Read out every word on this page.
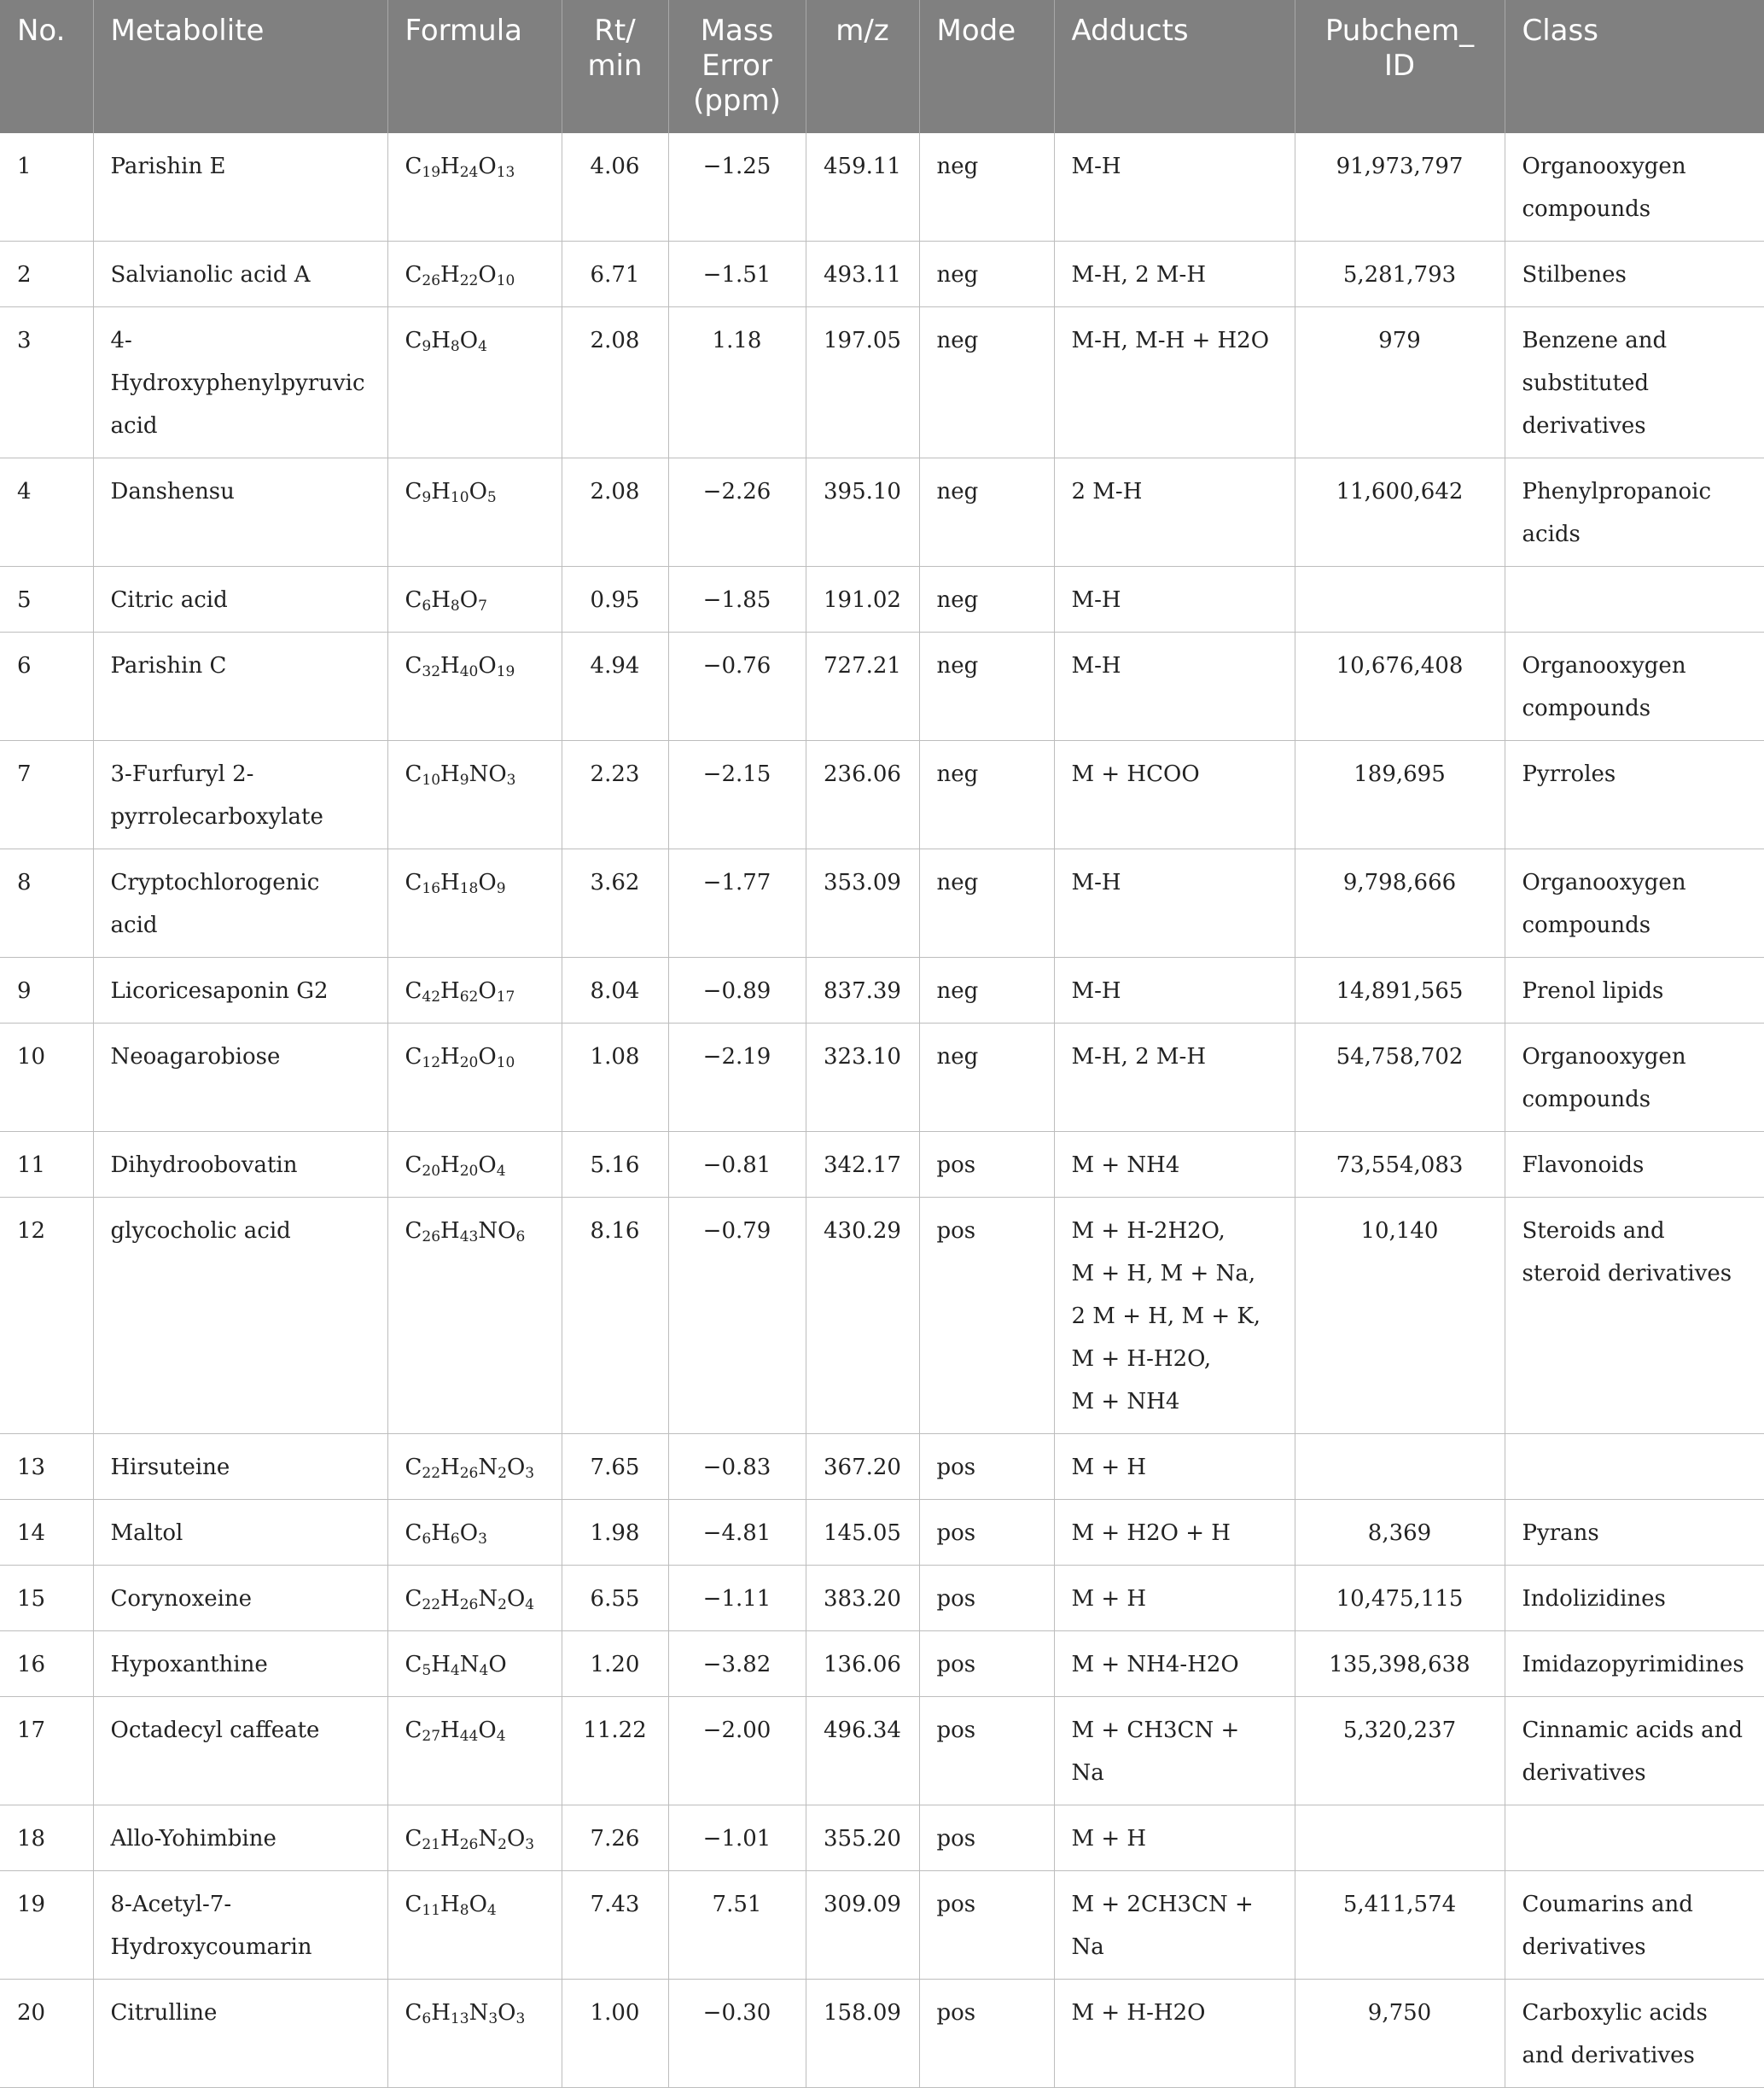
No.	Metabolite	Formula	Rt/ min	Mass Error (ppm)	m/z	Mode	Adducts	Pubchem_ ID	Class
1	Parishin E	$C_{19}H_{24}O_{13}$	4.06	−1.25	459.11	neg	M-H	91,973,797	Organooxygen compounds
2	Salvianolic acid A	$C_{26}H_{22}O_{10}$	6.71	−1.51	493.11	neg	M-H, 2 M-H	5,281,793	Stilbenes
3	4-Hydroxyphenylpyruvic acid	$C_9H_8O_4$	2.08	1.18	197.05	neg	M-H, M-H + H2O	979	Benzene and substituted derivatives
4	Danshensu	$C_9H_{10}O_5$	2.08	−2.26	395.10	neg	2 M-H	11,600,642	Phenylpropanoic acids
5	Citric acid	$C_6H_8O_7$	0.95	−1.85	191.02	neg	M-H		
6	Parishin C	$C_{32}H_{40}O_{19}$	4.94	−0.76	727.21	neg	M-H	10,676,408	Organooxygen compounds
7	3-Furfuryl 2-pyrrolecarboxylate	$C_{10}H_9NO_3$	2.23	−2.15	236.06	neg	M + HCOO	189,695	Pyrroles
8	Cryptochlorogenic acid	$C_{16}H_{18}O_9$	3.62	−1.77	353.09	neg	M-H	9,798,666	Organooxygen compounds
9	Licoricesaponin G2	$C_{42}H_{62}O_{17}$	8.04	−0.89	837.39	neg	M-H	14,891,565	Prenol lipids
10	Neoagarobiose	$C_{12}H_{20}O_{10}$	1.08	−2.19	323.10	neg	M-H, 2 M-H	54,758,702	Organooxygen compounds
11	Dihydroobovatin	$C_{20}H_{20}O_4$	5.16	−0.81	342.17	pos	M + NH4	73,554,083	Flavonoids
12	glycocholic acid	$C_{26}H_{43}NO_6$	8.16	−0.79	430.29	pos	M + H-2H2O,
M + H, M + Na,
2 M + H, M + K,
M + H-H2O,
M + NH4	10,140	Steroids and steroid derivatives
13	Hirsuteine	$C_{22}H_{26}N_2O_3$	7.65	−0.83	367.20	pos	M + H		
14	Maltol	$C_6H_6O_3$	1.98	−4.81	145.05	pos	M + H2O + H	8,369	Pyrans
15	Corynoxeine	$C_{22}H_{26}N_2O_4$	6.55	−1.11	383.20	pos	M + H	10,475,115	Indolizidines
16	Hypoxanthine	$C_5H_4N_4O$	1.20	−3.82	136.06	pos	M + NH4-H2O	135,398,638	Imidazopyrimidines
17	Octadecyl caffeate	$C_{27}H_{44}O_4$	11.22	−2.00	496.34	pos	M + CH3CN + Na	5,320,237	Cinnamic acids and derivatives
18	Allo-Yohimbine	$C_{21}H_{26}N_2O_3$	7.26	−1.01	355.20	pos	M + H		
19	8-Acetyl-7-Hydroxycoumarin	$C_{11}H_8O_4$	7.43	7.51	309.09	pos	M + 2CH3CN + Na	5,411,574	Coumarins and derivatives
20	Citrulline	$C_6H_{13}N_3O_3$	1.00	−0.30	158.09	pos	M + H-H2O	9,750	Carboxylic acids and derivatives
